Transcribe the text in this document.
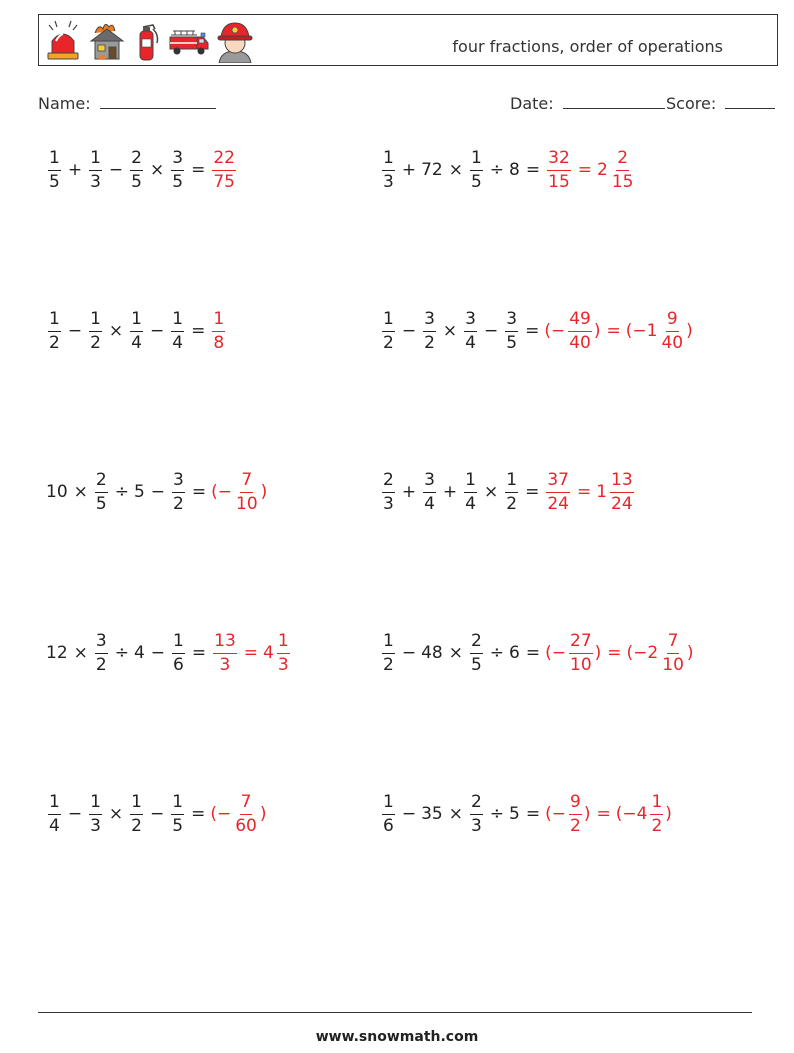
four fractions, order of operations
Name:	Date:	Score:
$\frac{1}{5} + \frac{1}{3} - \frac{2}{5} \times \frac{3}{5} = \frac{22}{75}$	$\frac{1}{3} + 72 \times \frac{1}{5} \div 8 = \frac{32}{15} = 2 \frac{2}{15}$
$\frac{1}{2} - \frac{1}{2} \times \frac{1}{4} - \frac{1}{4} = \frac{1}{8}$	$\frac{1}{2} - \frac{3}{2} \times \frac{3}{4} - \frac{3}{5}$ = (− $\frac{49}{40}$ ) = ($-1 \frac{9}{40}$ )
$10 \times \frac{2}{5} \div 5 - \frac{3}{2}$ = (− $\frac{7}{10}$ )	$\frac{2}{3} + \frac{3}{4} + \frac{1}{4} \times \frac{1}{2} = \frac{37}{24} = 1 \frac{13}{24}$
$12 \times \frac{3}{2} \div 4 - \frac{1}{6} = \frac{13}{3} = 4 \frac{1}{3}$	$\frac{1}{2} - 48 \times \frac{2}{5} \div 6$ = (− $\frac{27}{10}$ ) = ($-2 \frac{7}{10}$ )
$\frac{1}{4} - \frac{1}{3} \times \frac{1}{2} - \frac{1}{5}$ = (− $\frac{7}{60}$ )	$\frac{1}{6} - 35 \times \frac{2}{3} \div 5$ = (− $\frac{9}{2}$ ) = ($-4 \frac{1}{2}$ )
www.snowmath.com
